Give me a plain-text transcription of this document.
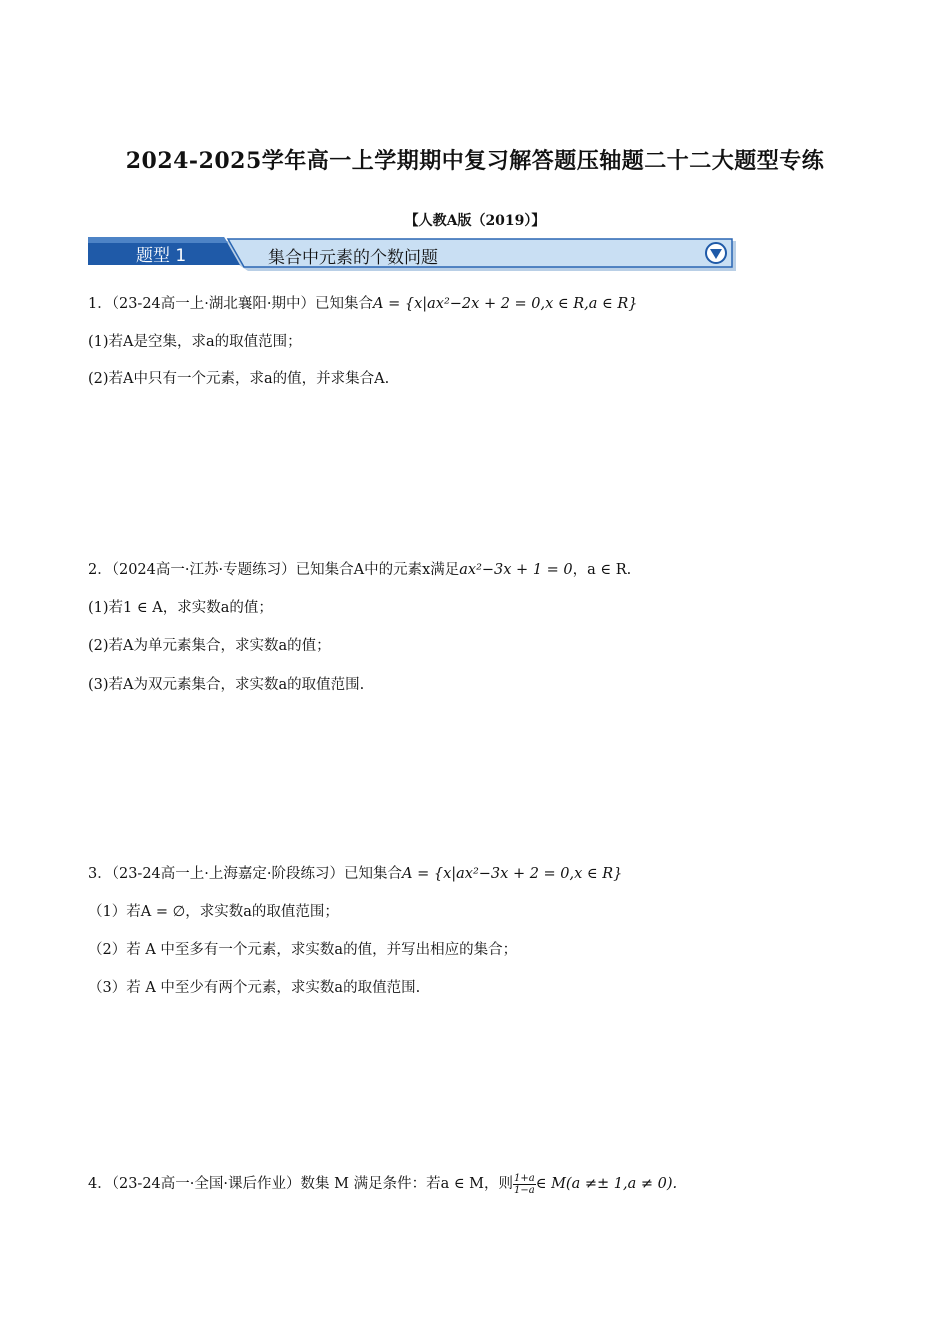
2024-2025学年高一上学期期中复习解答题压轴题二十二大题型专练
【人教A版（2019）】
题型 1	集合中元素的个数问题
1．（23-24高一上·湖北襄阳·期中）已知集合A = {x|ax²−2x + 2 = 0,x ∈ R,a ∈ R}
(1)若A是空集，求a的取值范围；
(2)若A中只有一个元素，求a的值，并求集合A.
2．（2024高一·江苏·专题练习）已知集合A中的元素x满足ax²−3x + 1 = 0，a ∈ R.
(1)若1 ∈ A，求实数a的值；
(2)若A为单元素集合，求实数a的值；
(3)若A为双元素集合，求实数a的取值范围.
3．（23-24高一上·上海嘉定·阶段练习）已知集合A = {x|ax²−3x + 2 = 0,x ∈ R}
（1）若A = ∅，求实数a的取值范围；
（2）若 A 中至多有一个元素，求实数a的值，并写出相应的集合；
（3）若 A 中至少有两个元素，求实数a的取值范围.
4．（23-24高一·全国·课后作业）数集 M 满足条件：若a ∈ M，则 $\frac{1+a}{1-a}$ ∈ M(a ≠± 1,a ≠ 0).
